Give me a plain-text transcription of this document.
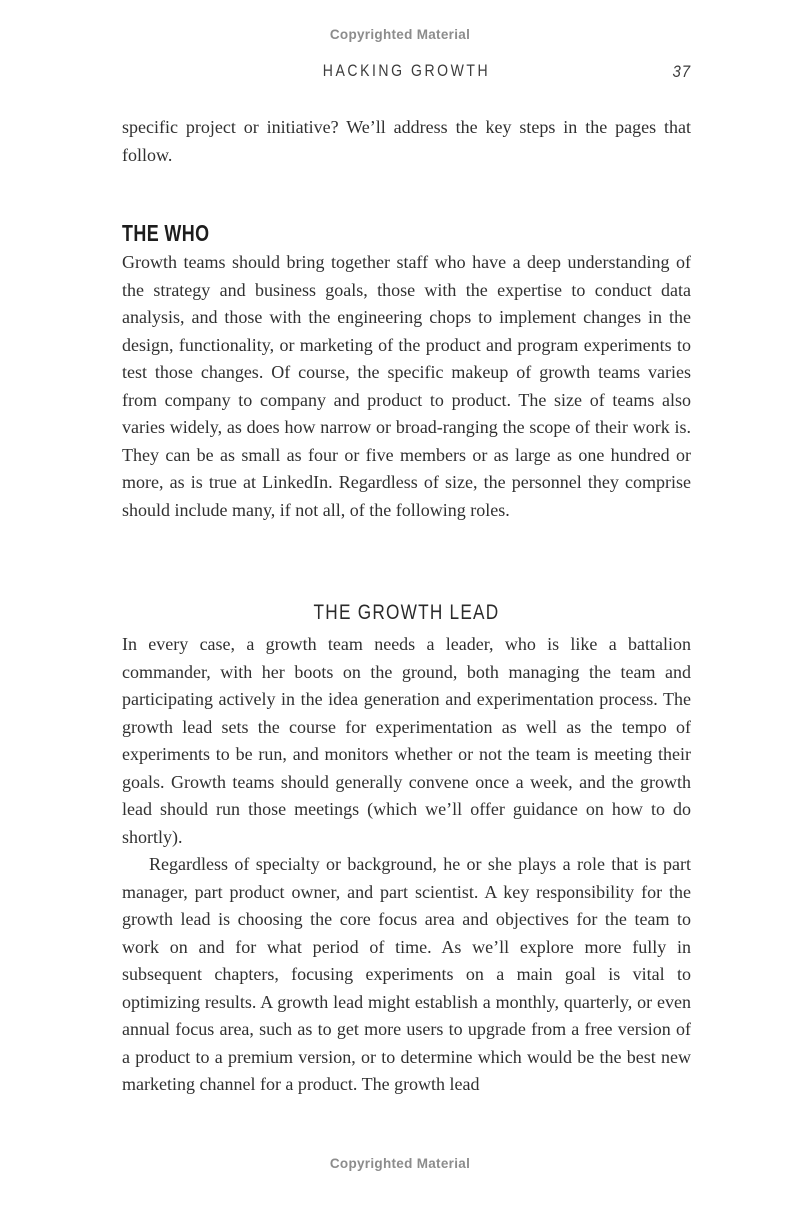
Copyrighted Material
HACKING GROWTH	37

specific project or initiative? We’ll address the key steps in the pages that follow.

THE WHO

Growth teams should bring together staff who have a deep understanding of the strategy and business goals, those with the expertise to conduct data analysis, and those with the engineering chops to implement changes in the design, functionality, or marketing of the product and program experiments to test those changes. Of course, the specific makeup of growth teams varies from company to company and product to product. The size of teams also varies widely, as does how narrow or broad-ranging the scope of their work is. They can be as small as four or five members or as large as one hundred or more, as is true at LinkedIn. Regardless of size, the personnel they comprise should include many, if not all, of the following roles.

THE GROWTH LEAD

In every case, a growth team needs a leader, who is like a battalion commander, with her boots on the ground, both managing the team and participating actively in the idea generation and experimentation process. The growth lead sets the course for experimentation as well as the tempo of experiments to be run, and monitors whether or not the team is meeting their goals. Growth teams should generally convene once a week, and the growth lead should run those meetings (which we’ll offer guidance on how to do shortly).

Regardless of specialty or background, he or she plays a role that is part manager, part product owner, and part scientist. A key responsibility for the growth lead is choosing the core focus area and objectives for the team to work on and for what period of time. As we’ll explore more fully in subsequent chapters, focusing experiments on a main goal is vital to optimizing results. A growth lead might establish a monthly, quarterly, or even annual focus area, such as to get more users to upgrade from a free version of a product to a premium version, or to determine which would be the best new marketing channel for a product. The growth lead

Copyrighted Material
